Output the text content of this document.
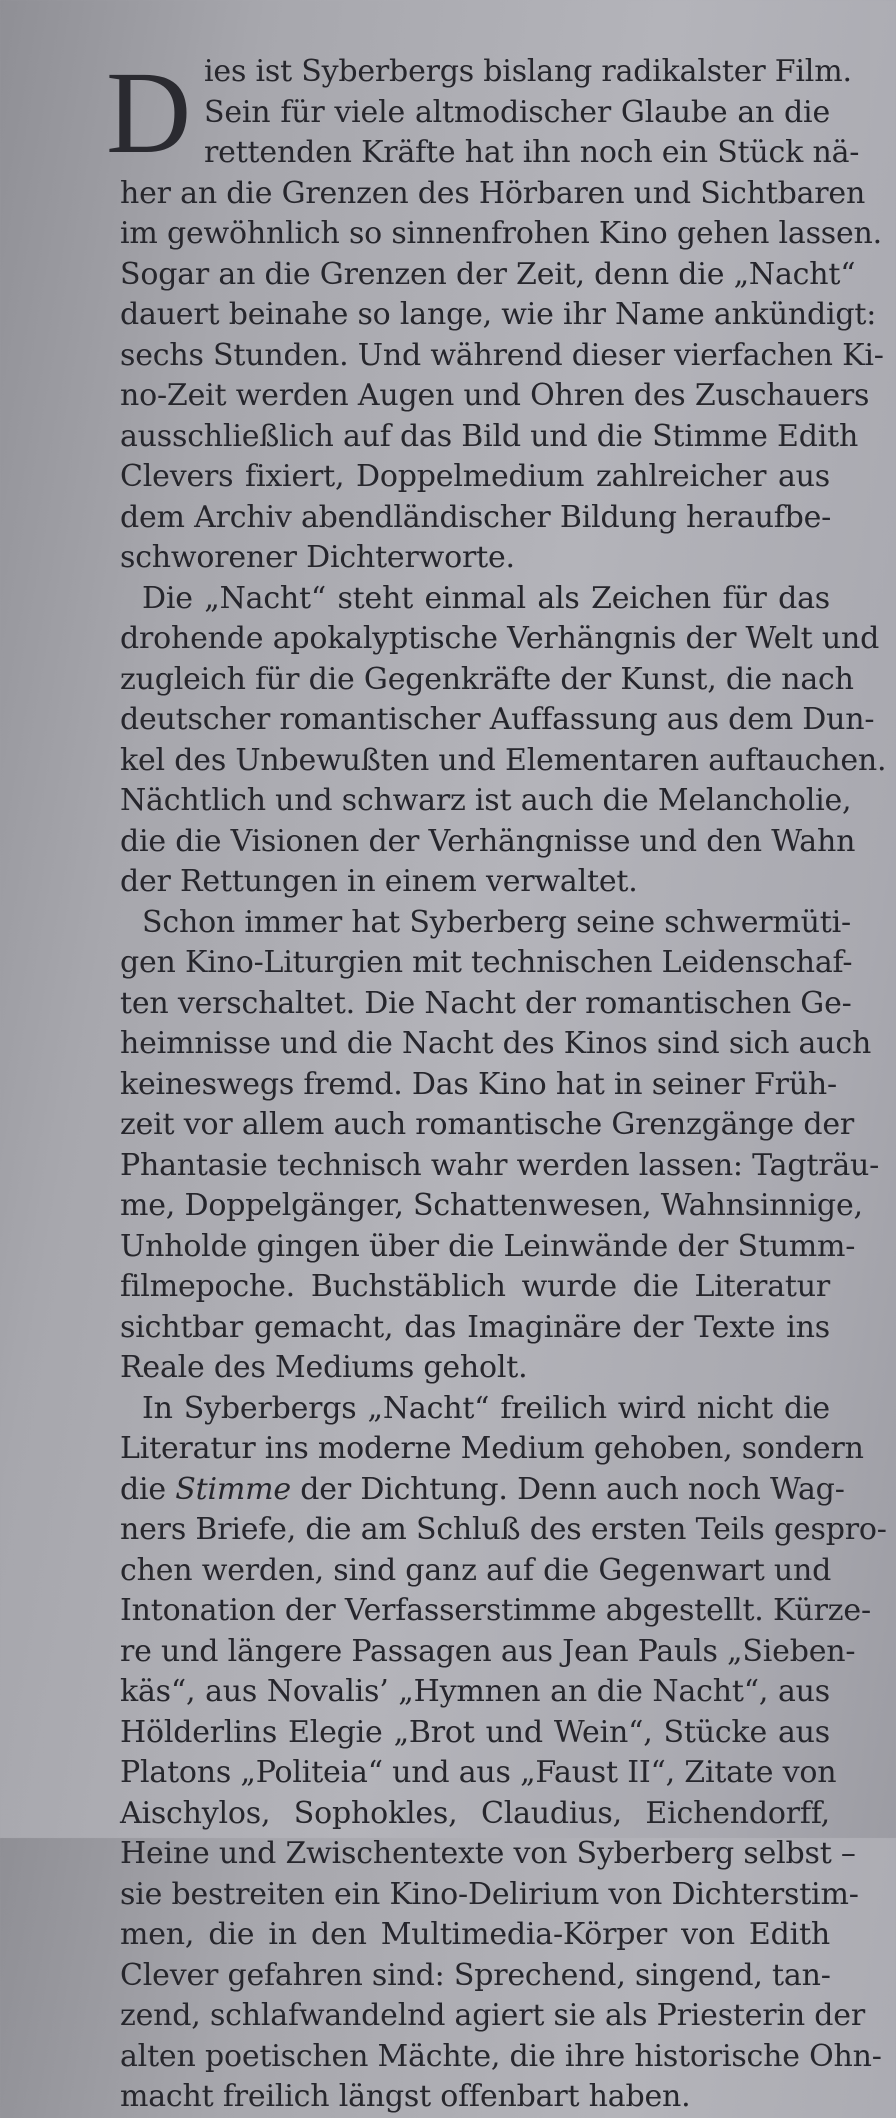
D ies ist Syberbergs bislang radikalster Film.
Sein für viele altmodischer Glaube an die
rettenden Kräfte hat ihn noch ein Stück nä-
her an die Grenzen des Hörbaren und Sichtbaren
im gewöhnlich so sinnenfrohen Kino gehen lassen.
Sogar an die Grenzen der Zeit, denn die „Nacht“
dauert beinahe so lange, wie ihr Name ankündigt:
sechs Stunden. Und während dieser vierfachen Ki-
no-Zeit werden Augen und Ohren des Zuschauers
ausschließlich auf das Bild und die Stimme Edith
Clevers fixiert, Doppelmedium zahlreicher aus
dem Archiv abendländischer Bildung heraufbe-
schworener Dichterworte.
Die „Nacht“ steht einmal als Zeichen für das
drohende apokalyptische Verhängnis der Welt und
zugleich für die Gegenkräfte der Kunst, die nach
deutscher romantischer Auffassung aus dem Dun-
kel des Unbewußten und Elementaren auftauchen.
Nächtlich und schwarz ist auch die Melancholie,
die die Visionen der Verhängnisse und den Wahn
der Rettungen in einem verwaltet.
Schon immer hat Syberberg seine schwermüti-
gen Kino-Liturgien mit technischen Leidenschaf-
ten verschaltet. Die Nacht der romantischen Ge-
heimnisse und die Nacht des Kinos sind sich auch
keineswegs fremd. Das Kino hat in seiner Früh-
zeit vor allem auch romantische Grenzgänge der
Phantasie technisch wahr werden lassen: Tagträu-
me, Doppelgänger, Schattenwesen, Wahnsinnige,
Unholde gingen über die Leinwände der Stumm-
filmepoche. Buchstäblich wurde die Literatur
sichtbar gemacht, das Imaginäre der Texte ins
Reale des Mediums geholt.
In Syberbergs „Nacht“ freilich wird nicht die
Literatur ins moderne Medium gehoben, sondern
die Stimme der Dichtung. Denn auch noch Wag-
ners Briefe, die am Schluß des ersten Teils gespro-
chen werden, sind ganz auf die Gegenwart und
Intonation der Verfasserstimme abgestellt. Kürze-
re und längere Passagen aus Jean Pauls „Sieben-
käs“, aus Novalis’ „Hymnen an die Nacht“, aus
Hölderlins Elegie „Brot und Wein“, Stücke aus
Platons „Politeia“ und aus „Faust II“, Zitate von
Aischylos, Sophokles, Claudius, Eichendorff,
Heine und Zwischentexte von Syberberg selbst –
sie bestreiten ein Kino-Delirium von Dichterstim-
men, die in den Multimedia-Körper von Edith
Clever gefahren sind: Sprechend, singend, tan-
zend, schlafwandelnd agiert sie als Priesterin der
alten poetischen Mächte, die ihre historische Ohn-
macht freilich längst offenbart haben.
